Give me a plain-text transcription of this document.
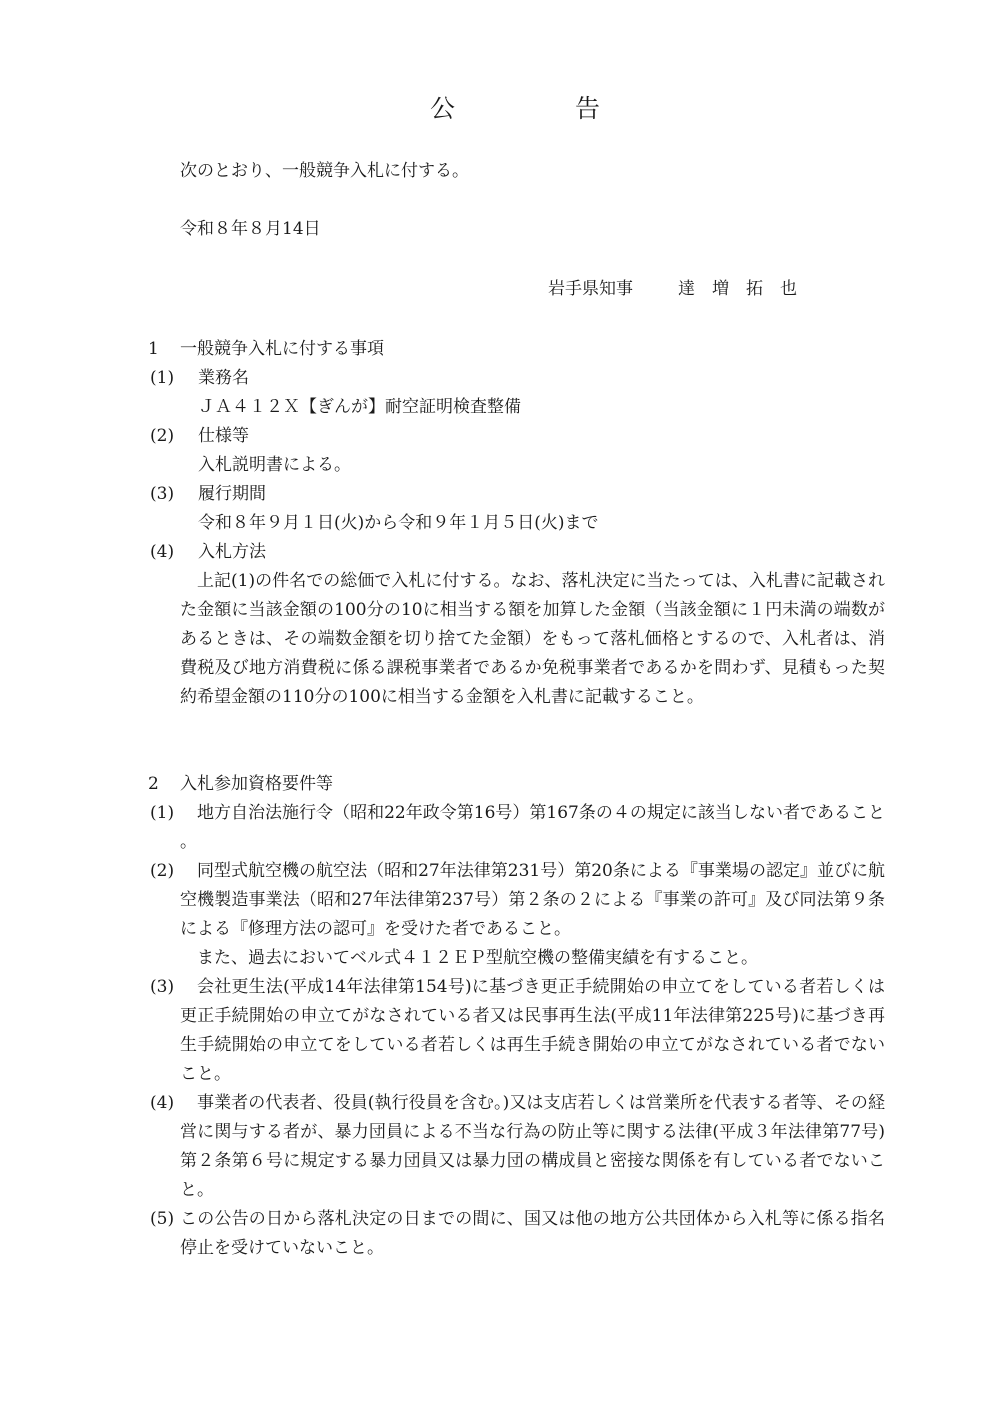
公	告
次のとおり、一般競争入札に付する。
令和８年８月14日
岩手県知事	達　増　拓　也
1 一般競争入札に付する事項
(1) 業務名
ＪＡ４１２Ｘ【ぎんが】耐空証明検査整備
(2) 仕様等
入札説明書による。
(3) 履行期間
令和８年９月１日(火)から令和９年１月５日(火)まで
(4) 入札方法
上記(1)の件名での総価で入札に付する。なお、落札決定に当たっては、入札書に記載された金額に当該金額の100分の10に相当する額を加算した金額（当該金額に１円未満の端数があるときは、その端数金額を切り捨てた金額）をもって落札価格とするので、入札者は、消費税及び地方消費税に係る課税事業者であるか免税事業者であるかを問わず、見積もった契約希望金額の110分の100に相当する金額を入札書に記載すること。
2 入札参加資格要件等
(1)	地方自治法施行令（昭和22年政令第16号）第167条の４の規定に該当しない者であること。
(2)	同型式航空機の航空法（昭和27年法律第231号）第20条による『事業場の認定』並びに航空機製造事業法（昭和27年法律第237号）第２条の２による『事業の許可』及び同法第９条による『修理方法の認可』を受けた者であること。
また、過去においてベル式４１２ＥＰ型航空機の整備実績を有すること。
(3)	会社更生法(平成14年法律第154号)に基づき更正手続開始の申立てをしている者若しくは更正手続開始の申立てがなされている者又は民事再生法(平成11年法律第225号)に基づき再生手続開始の申立てをしている者若しくは再生手続き開始の申立てがなされている者でないこと。
(4)	事業者の代表者、役員(執行役員を含む。)又は支店若しくは営業所を代表する者等、その経営に関与する者が、暴力団員による不当な行為の防止等に関する法律(平成３年法律第77号)第２条第６号に規定する暴力団員又は暴力団の構成員と密接な関係を有している者でないこと。
(5) この公告の日から落札決定の日までの間に、国又は他の地方公共団体から入札等に係る指名停止を受けていないこと。
